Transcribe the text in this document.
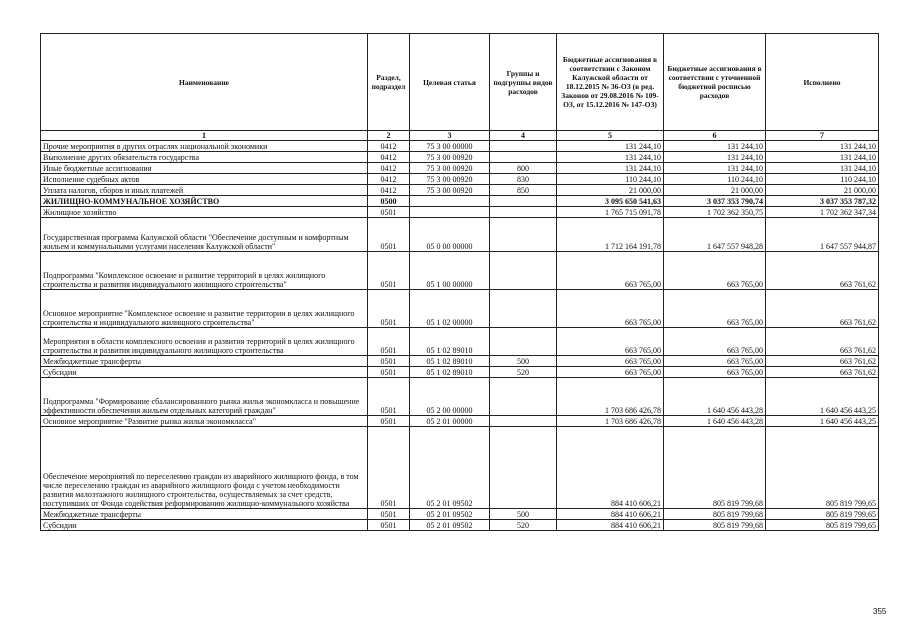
Наименование	Раздел, подраздел	Целевая статья	Группы и подгруппы видов расходов	Бюджетные ассигнования в соответствии с Законом Калужской области от 18.12.2015 № 36-ОЗ (в ред. Законов от 29.08.2016 № 109-ОЗ, от 15.12.2016 № 147-ОЗ)	Бюджетные ассигнования в соответствии с уточненной бюджетной росписью расходов	Исполнено
1	2	3	4	5	6	7
Прочие мероприятия в других отраслях национальной экономики	0412	75 3 00 00000		131 244,10	131 244,10	131 244,10
Выполнение других обязательств государства	0412	75 3 00 00920		131 244,10	131 244,10	131 244,10
Иные бюджетные ассигнования	0412	75 3 00 00920	800	131 244,10	131 244,10	131 244,10
Исполнение судебных актов	0412	75 3 00 00920	830	110 244,10	110 244,10	110 244,10
Уплата налогов, сборов и иных платежей	0412	75 3 00 00920	850	21 000,00	21 000,00	21 000,00
ЖИЛИЩНО-КОММУНАЛЬНОЕ ХОЗЯЙСТВО	0500			3 095 650 541,63	3 037 353 790,74	3 037 353 787,32
Жилищное хозяйство	0501			1 765 715 091,78	1 702 362 350,75	1 702 362 347,34
Государственная программа Калужской области "Обеспечение доступным и комфортным жильем и коммунальными услугами населения Калужской области"	0501	05 0 00 00000		1 712 164 191,78	1 647 557 948,28	1 647 557 944,87
Подпрограмма "Комплексное освоение и развитие территорий в целях жилищного строительства и развития индивидуального жилищного строительства"	0501	05 1 00 00000		663 765,00	663 765,00	663 761,62
Основное мероприятие "Комплексное освоение и развитие территории в целях жилищного строительства и индивидуального жилищного строительства"	0501	05 1 02 00000		663 765,00	663 765,00	663 761,62
Мероприятия в области комплексного освоения и развития территорий в целях жилищного строительства и развития индивидуального жилищного строительства	0501	05 1 02 89010		663 765,00	663 765,00	663 761,62
Межбюджетные трансферты	0501	05 1 02 89010	500	663 765,00	663 765,00	663 761,62
Субсидии	0501	05 1 02 89010	520	663 765,00	663 765,00	663 761,62
Подпрограмма "Формирование сбалансированного рынка жилья экономкласса и повышение эффективности обеспечения жильем отдельных категорий граждан"	0501	05 2 00 00000		1 703 686 426,78	1 640 456 443,28	1 640 456 443,25
Основное мероприятие "Развитие рынка жилья экономкласса"	0501	05 2 01 00000		1 703 686 426,78	1 640 456 443,28	1 640 456 443,25
Обеспечение мероприятий по переселению граждан из аварийного жилищного фонда, в том числе переселению граждан из аварийного жилищного фонда с учетом необходимости развития малоэтажного жилищного строительства, осуществляемых за счет средств, поступивших от Фонда содействия реформированию жилищно-коммунального хозяйства	0501	05 2 01 09502		884 410 606,21	805 819 799,68	805 819 799,65
Межбюджетные трансферты	0501	05 2 01 09502	500	884 410 606,21	805 819 799,68	805 819 799,65
Субсидии	0501	05 2 01 09502	520	884 410 606,21	805 819 799,68	805 819 799,65
355
